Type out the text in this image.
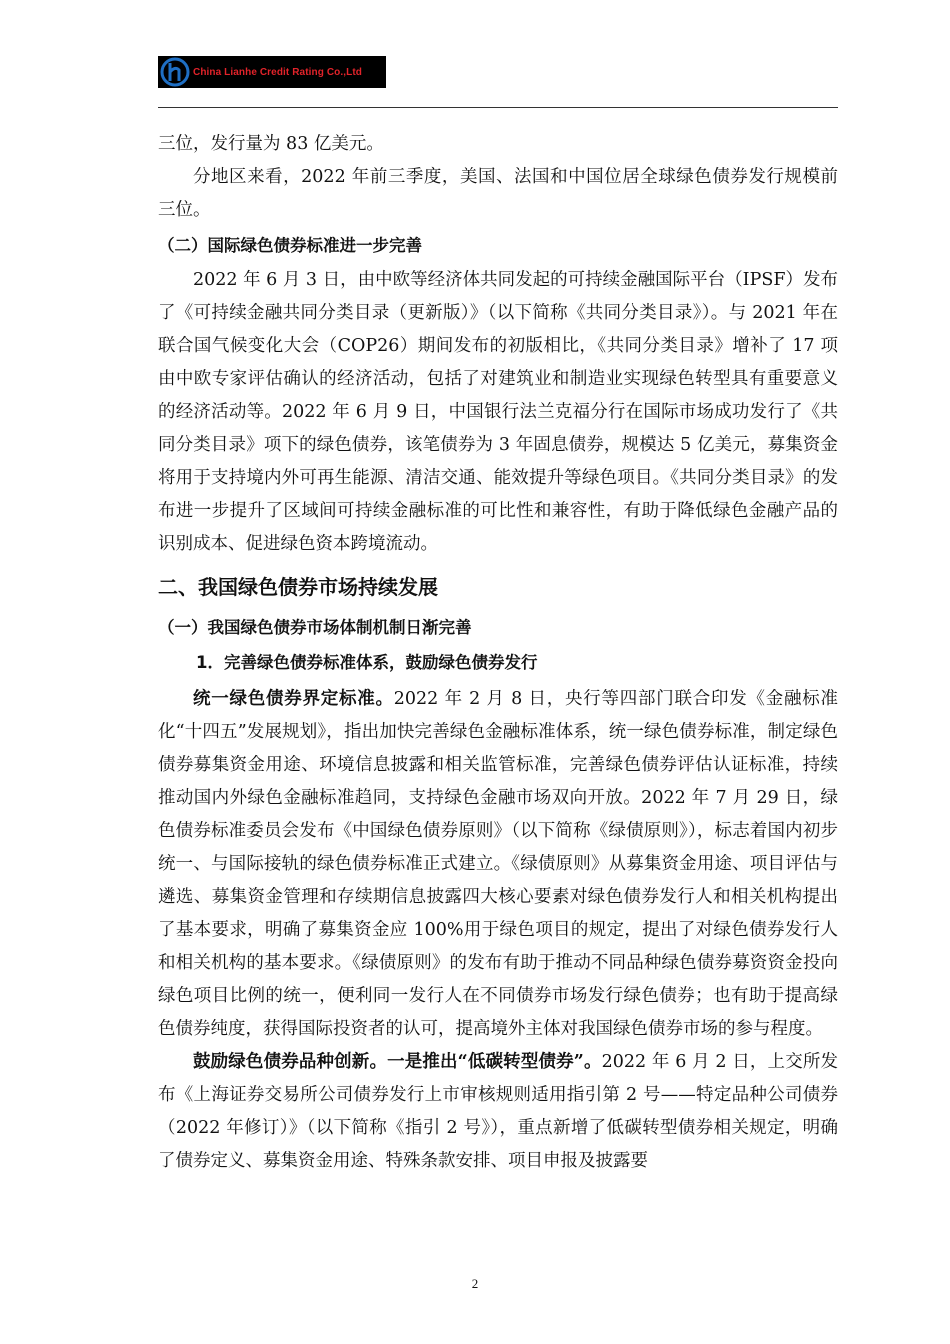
China Lianhe Credit Rating Co.,Ltd

三位，发行量为 83 亿美元。

分地区来看，2022 年前三季度，美国、法国和中国位居全球绿色债券发行规模前三位。

（二）国际绿色债券标准进一步完善

2022 年 6 月 3 日，由中欧等经济体共同发起的可持续金融国际平台（IPSF）发布了《可持续金融共同分类目录（更新版）》（以下简称《共同分类目录》）。与 2021 年在联合国气候变化大会（COP26）期间发布的初版相比，《共同分类目录》增补了 17 项由中欧专家评估确认的经济活动，包括了对建筑业和制造业实现绿色转型具有重要意义的经济活动等。2022 年 6 月 9 日，中国银行法兰克福分行在国际市场成功发行了《共同分类目录》项下的绿色债券，该笔债券为 3 年固息债券，规模达 5 亿美元，募集资金将用于支持境内外可再生能源、清洁交通、能效提升等绿色项目。《共同分类目录》的发布进一步提升了区域间可持续金融标准的可比性和兼容性，有助于降低绿色金融产品的识别成本、促进绿色资本跨境流动。

二、我国绿色债券市场持续发展
（一）我国绿色债券市场体制机制日渐完善
1．完善绿色债券标准体系，鼓励绿色债券发行

统一绿色债券界定标准。2022 年 2 月 8 日，央行等四部门联合印发《金融标准化“十四五”发展规划》，指出加快完善绿色金融标准体系，统一绿色债券标准，制定绿色债券募集资金用途、环境信息披露和相关监管标准，完善绿色债券评估认证标准，持续推动国内外绿色金融标准趋同，支持绿色金融市场双向开放。2022 年 7 月 29 日，绿色债券标准委员会发布《中国绿色债券原则》（以下简称《绿债原则》），标志着国内初步统一、与国际接轨的绿色债券标准正式建立。《绿债原则》从募集资金用途、项目评估与遴选、募集资金管理和存续期信息披露四大核心要素对绿色债券发行人和相关机构提出了基本要求，明确了募集资金应 100%用于绿色项目的规定，提出了对绿色债券发行人和相关机构的基本要求。《绿债原则》的发布有助于推动不同品种绿色债券募资资金投向绿色项目比例的统一，便利同一发行人在不同债券市场发行绿色债券；也有助于提高绿色债券纯度，获得国际投资者的认可，提高境外主体对我国绿色债券市场的参与程度。

鼓励绿色债券品种创新。一是推出“低碳转型债券”。2022 年 6 月 2 日，上交所发布《上海证券交易所公司债券发行上市审核规则适用指引第 2 号——特定品种公司债券（2022 年修订）》（以下简称《指引 2 号》），重点新增了低碳转型债券相关规定，明确了债券定义、募集资金用途、特殊条款安排、项目申报及披露要

2
